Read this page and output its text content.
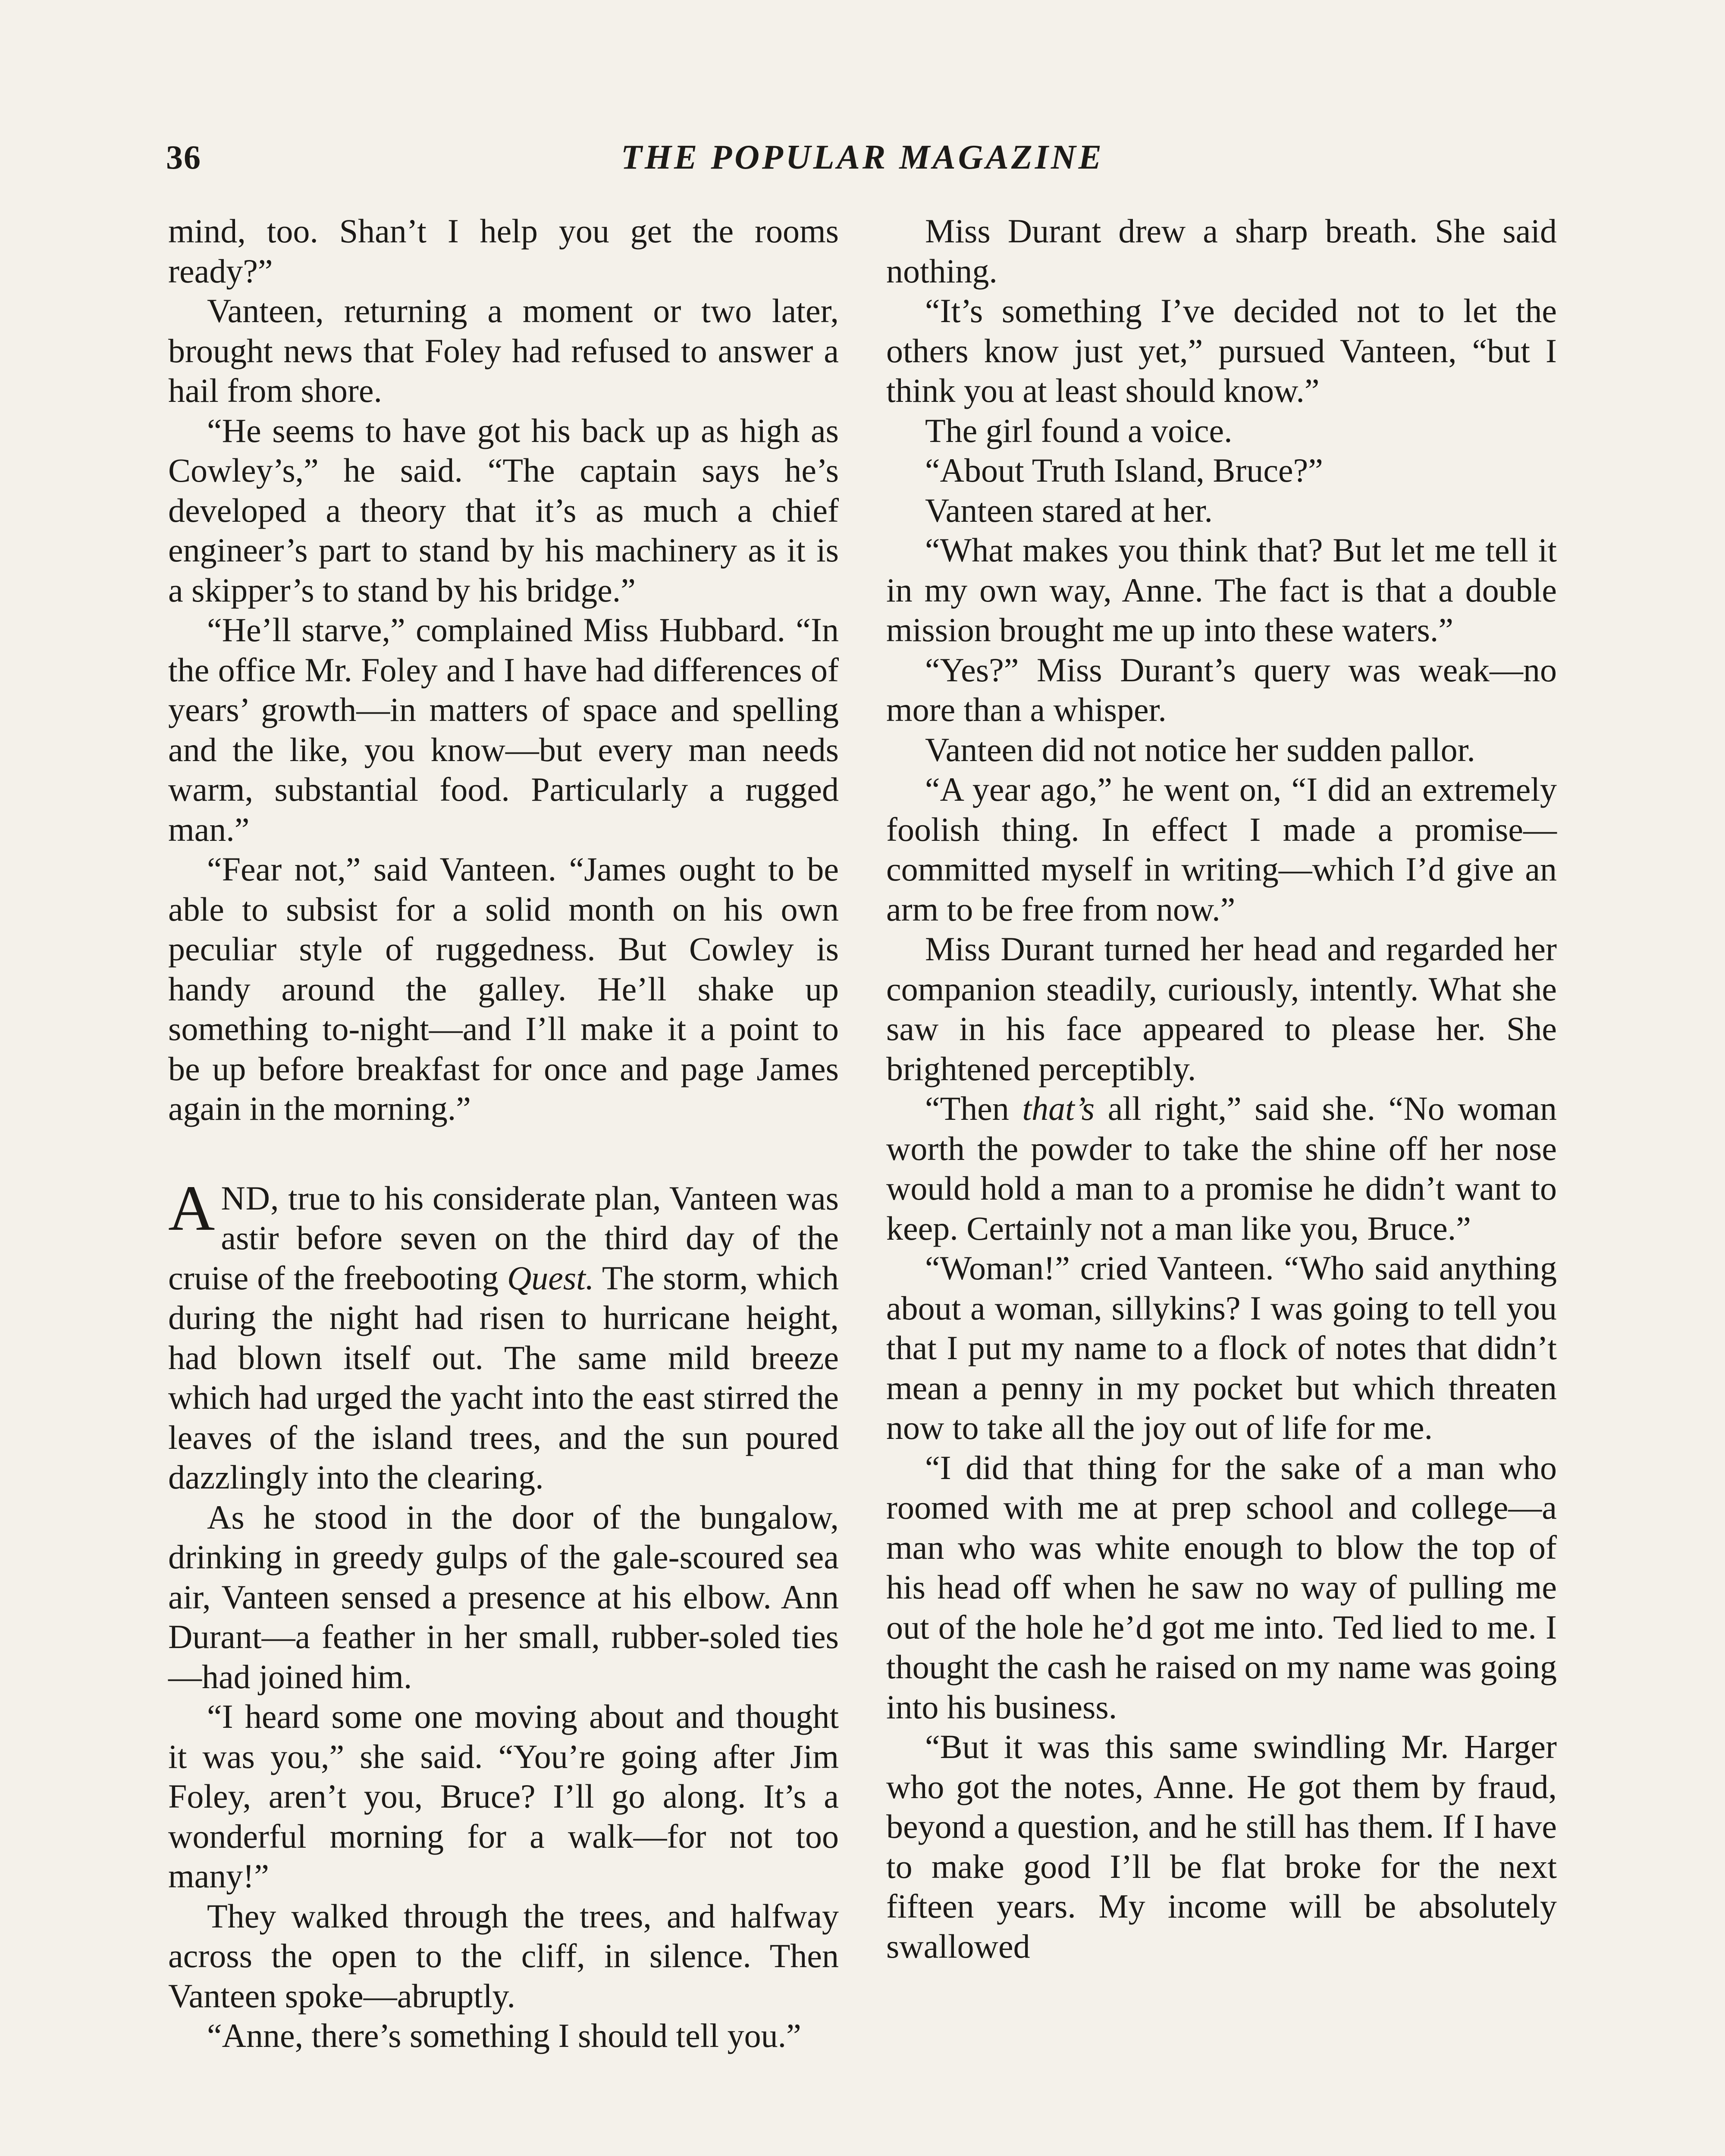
36	THE POPULAR MAGAZINE

mind, too. Shan’t I help you get the rooms ready?”

Vanteen, returning a moment or two later, brought news that Foley had refused to answer a hail from shore.

“He seems to have got his back up as high as Cowley’s,” he said. “The captain says he’s developed a theory that it’s as much a chief engineer’s part to stand by his machinery as it is a skipper’s to stand by his bridge.”

“He’ll starve,” complained Miss Hubbard. “In the office Mr. Foley and I have had differences of years’ growth—in matters of space and spelling and the like, you know—but every man needs warm, substantial food. Particularly a rugged man.”

“Fear not,” said Vanteen. “James ought to be able to subsist for a solid month on his own peculiar style of ruggedness. But Cowley is handy around the galley. He’ll shake up something to-night—and I’ll make it a point to be up before breakfast for once and page James again in the morning.”

AND, true to his considerate plan, Vanteen was astir before seven on the third day of the cruise of the freebooting Quest. The storm, which during the night had risen to hurricane height, had blown itself out. The same mild breeze which had urged the yacht into the east stirred the leaves of the island trees, and the sun poured dazzlingly into the clearing.

As he stood in the door of the bungalow, drinking in greedy gulps of the gale-scoured sea air, Vanteen sensed a presence at his elbow. Ann Durant—a feather in her small, rubber-soled ties—had joined him.

“I heard some one moving about and thought it was you,” she said. “You’re going after Jim Foley, aren’t you, Bruce? I’ll go along. It’s a wonderful morning for a walk—for not too many!”

They walked through the trees, and halfway across the open to the cliff, in silence. Then Vanteen spoke—abruptly.

“Anne, there’s something I should tell you.”

Miss Durant drew a sharp breath. She said nothing.

“It’s something I’ve decided not to let the others know just yet,” pursued Vanteen, “but I think you at least should know.”

The girl found a voice.

“About Truth Island, Bruce?”

Vanteen stared at her.

“What makes you think that? But let me tell it in my own way, Anne. The fact is that a double mission brought me up into these waters.”

“Yes?” Miss Durant’s query was weak—no more than a whisper.

Vanteen did not notice her sudden pallor.

“A year ago,” he went on, “I did an extremely foolish thing. In effect I made a promise—committed myself in writing—which I’d give an arm to be free from now.”

Miss Durant turned her head and regarded her companion steadily, curiously, intently. What she saw in his face appeared to please her. She brightened perceptibly.

“Then that’s all right,” said she. “No woman worth the powder to take the shine off her nose would hold a man to a promise he didn’t want to keep. Certainly not a man like you, Bruce.”

“Woman!” cried Vanteen. “Who said anything about a woman, sillykins? I was going to tell you that I put my name to a flock of notes that didn’t mean a penny in my pocket but which threaten now to take all the joy out of life for me.

“I did that thing for the sake of a man who roomed with me at prep school and college—a man who was white enough to blow the top of his head off when he saw no way of pulling me out of the hole he’d got me into. Ted lied to me. I thought the cash he raised on my name was going into his business.

“But it was this same swindling Mr. Harger who got the notes, Anne. He got them by fraud, beyond a question, and he still has them. If I have to make good I’ll be flat broke for the next fifteen years. My income will be absolutely swallowed
